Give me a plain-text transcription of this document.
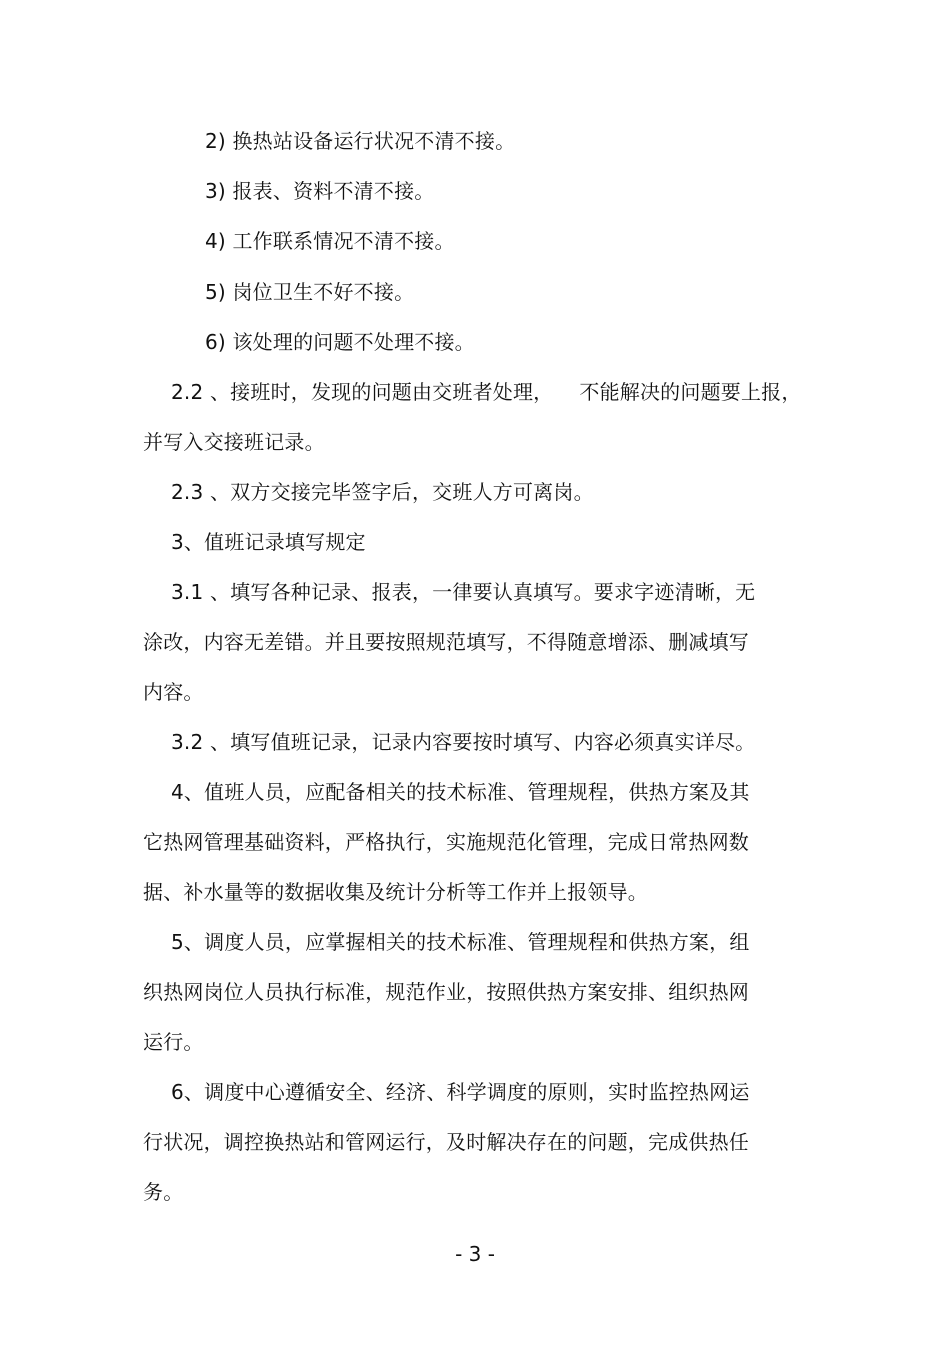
2) 换热站设备运行状况不清不接。
3) 报表、资料不清不接。
4) 工作联系情况不清不接。
5) 岗位卫生不好不接。
6) 该处理的问题不处理不接。
2.2 、接班时，发现的问题由交班者处理， 不能解决的问题要上报，
并写入交接班记录。
2.3 、双方交接完毕签字后，交班人方可离岗。
3、值班记录填写规定
3.1 、填写各种记录、报表，一律要认真填写。要求字迹清晰，无
涂改，内容无差错。并且要按照规范填写，不得随意增添、删减填写
内容。
3.2 、填写值班记录，记录内容要按时填写、内容必须真实详尽。
4、值班人员，应配备相关的技术标准、管理规程，供热方案及其
它热网管理基础资料，严格执行，实施规范化管理，完成日常热网数
据、补水量等的数据收集及统计分析等工作并上报领导。
5、调度人员，应掌握相关的技术标准、管理规程和供热方案，组
织热网岗位人员执行标准，规范作业，按照供热方案安排、组织热网
运行。
6、调度中心遵循安全、经济、科学调度的原则，实时监控热网运
行状况，调控换热站和管网运行，及时解决存在的问题，完成供热任
务。
- 3 -
